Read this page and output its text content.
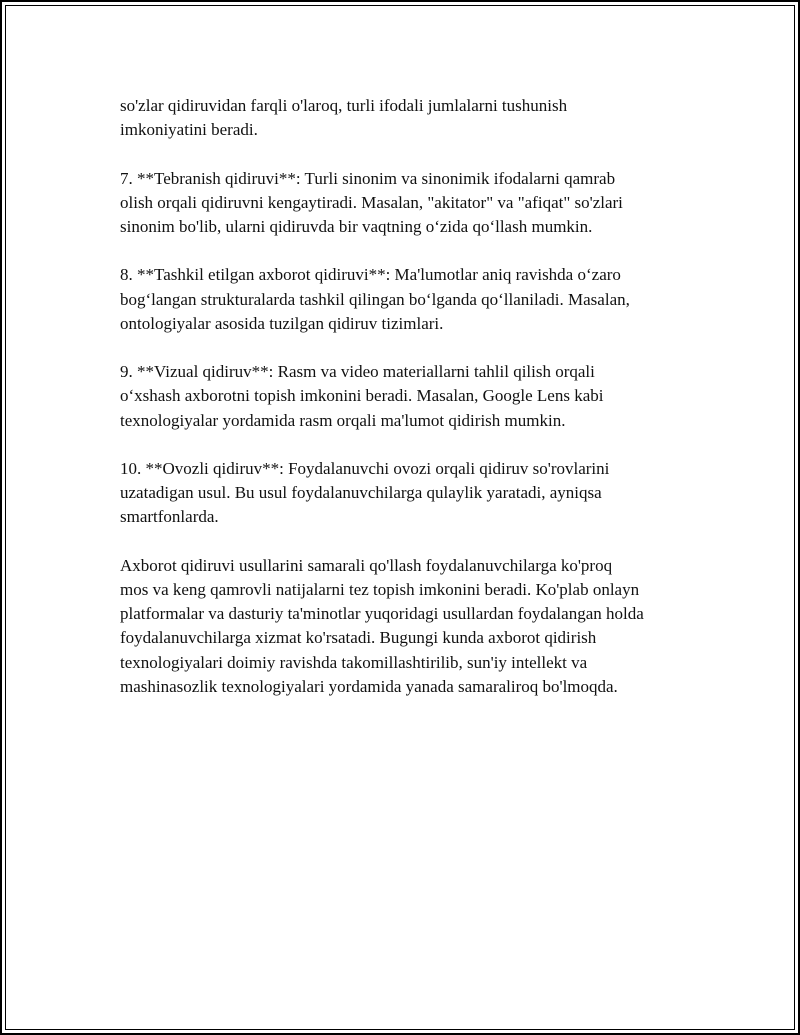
so'zlar qidiruvidan farqli o'laroq, turli ifodali jumlalarni tushunish
imkoniyatini beradi.

7. **Tebranish qidiruvi**: Turli sinonim va sinonimik ifodalarni qamrab
olish orqali qidiruvni kengaytiradi. Masalan, "akitator" va "afiqat" so'zlari
sinonim bo'lib, ularni qidiruvda bir vaqtning o‘zida qo‘llash mumkin.

8. **Tashkil etilgan axborot qidiruvi**: Ma'lumotlar aniq ravishda o‘zaro
bog‘langan strukturalarda tashkil qilingan bo‘lganda qo‘llaniladi. Masalan,
ontologiyalar asosida tuzilgan qidiruv tizimlari.

9. **Vizual qidiruv**: Rasm va video materiallarni tahlil qilish orqali
o‘xshash axborotni topish imkonini beradi. Masalan, Google Lens kabi
texnologiyalar yordamida rasm orqali ma'lumot qidirish mumkin.

10. **Ovozli qidiruv**: Foydalanuvchi ovozi orqali qidiruv so'rovlarini
uzatadigan usul. Bu usul foydalanuvchilarga qulaylik yaratadi, ayniqsa
smartfonlarda.

Axborot qidiruvi usullarini samarali qo'llash foydalanuvchilarga ko'proq
mos va keng qamrovli natijalarni tez topish imkonini beradi. Ko'plab onlayn
platformalar va dasturiy ta'minotlar yuqoridagi usullardan foydalangan holda
foydalanuvchilarga xizmat ko'rsatadi. Bugungi kunda axborot qidirish
texnologiyalari doimiy ravishda takomillashtirilib, sun'iy intellekt va
mashinasozlik texnologiyalari yordamida yanada samaraliroq bo'lmoqda.
